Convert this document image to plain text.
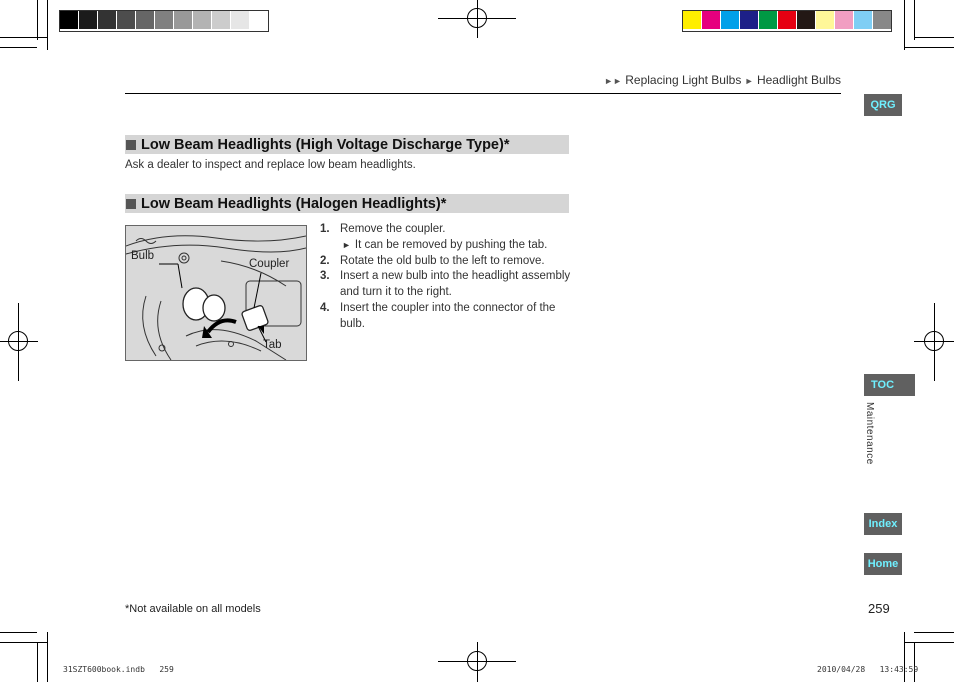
►► Replacing Light Bulbs ► Headlight Bulbs
QRG
TOC
Maintenance
Index
Home
Low Beam Headlights (High Voltage Discharge Type)*
Ask a dealer to inspect and replace low beam headlights.
Low Beam Headlights (Halogen Headlights)*
Bulb
Coupler
Tab
1. Remove the coupler.
► It can be removed by pushing the tab.
2. Rotate the old bulb to the left to remove.
3. Insert a new bulb into the headlight assembly and turn it to the right.
4. Insert the coupler into the connector of the bulb.
*Not available on all models	259
31SZT600book.indb   259	2010/04/28   13:43:59
